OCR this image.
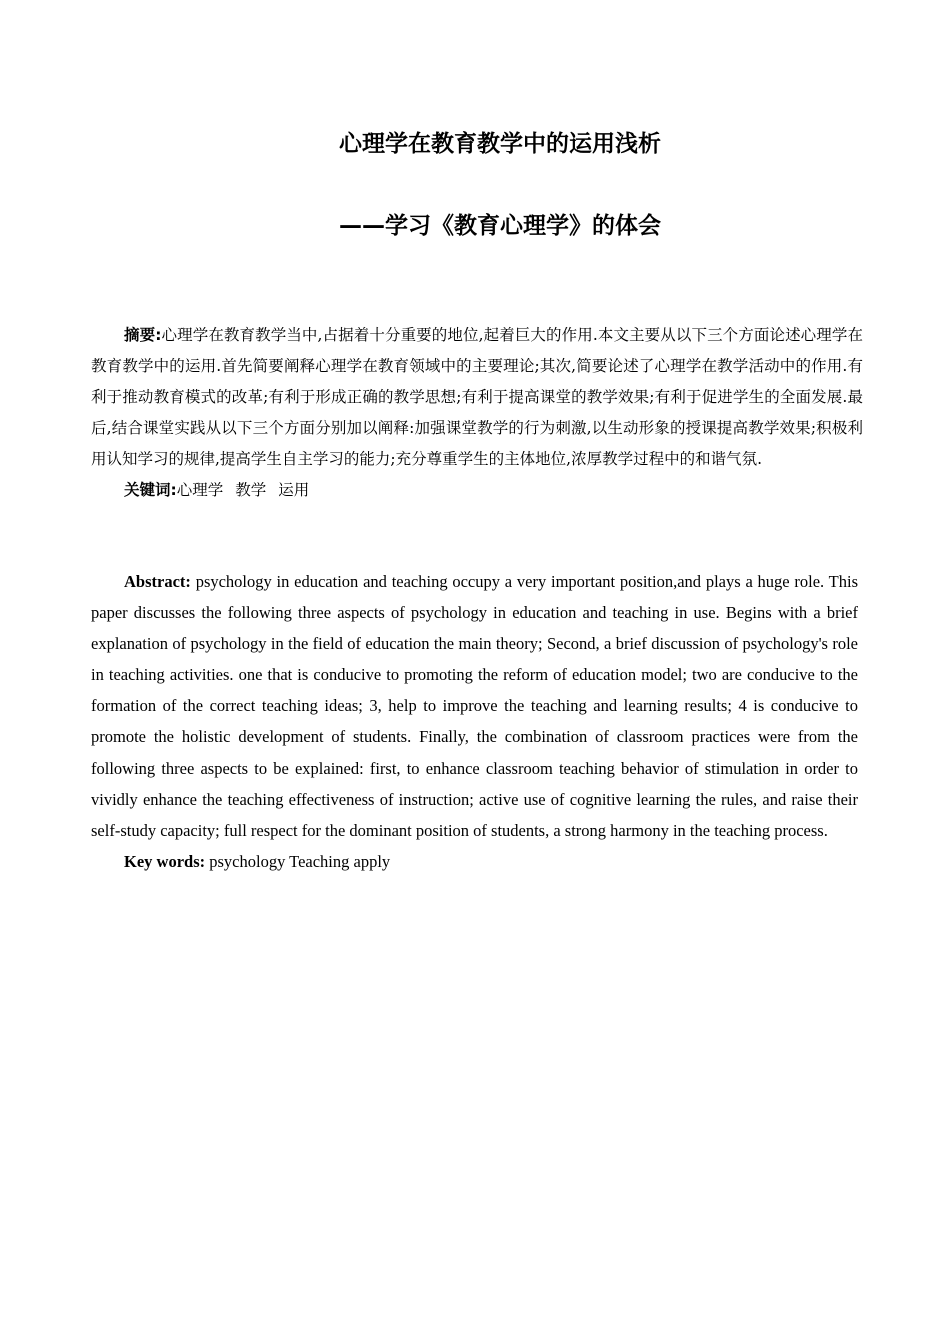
心理学在教育教学中的运用浅析
——学习《教育心理学》的体会

摘要:心理学在教育教学当中,占据着十分重要的地位,起着巨大的作用.本文主要从以下三个方面论述心理学在教育教学中的运用.首先简要阐释心理学在教育领域中的主要理论;其次,简要论述了心理学在教学活动中的作用.有利于推动教育模式的改革;有利于形成正确的教学思想;有利于提高课堂的教学效果;有利于促进学生的全面发展.最后,结合课堂实践从以下三个方面分别加以阐释:加强课堂教学的行为刺激,以生动形象的授课提高教学效果;积极利用认知学习的规律,提高学生自主学习的能力;充分尊重学生的主体地位,浓厚教学过程中的和谐气氛.

关键词:心理学 教学 运用

Abstract: psychology in education and teaching occupy a very important position,and plays a huge role. This paper discusses the following three aspects of psychology in education and teaching in use. Begins with a brief explanation of psychology in the field of education the main theory; Second, a brief discussion of psychology's role in teaching activities. one that is conducive to promoting the reform of education model; two are conducive to the formation of the correct teaching ideas; 3, help to improve the teaching and learning results; 4 is conducive to promote the holistic development of students. Finally, the combination of classroom practices were from the following three aspects to be explained: first, to enhance classroom teaching behavior of stimulation in order to vividly enhance the teaching effectiveness of instruction; active use of cognitive learning the rules, and raise their self-study capacity; full respect for the dominant position of students, a strong harmony in the teaching process.

Key words: psychology Teaching apply
